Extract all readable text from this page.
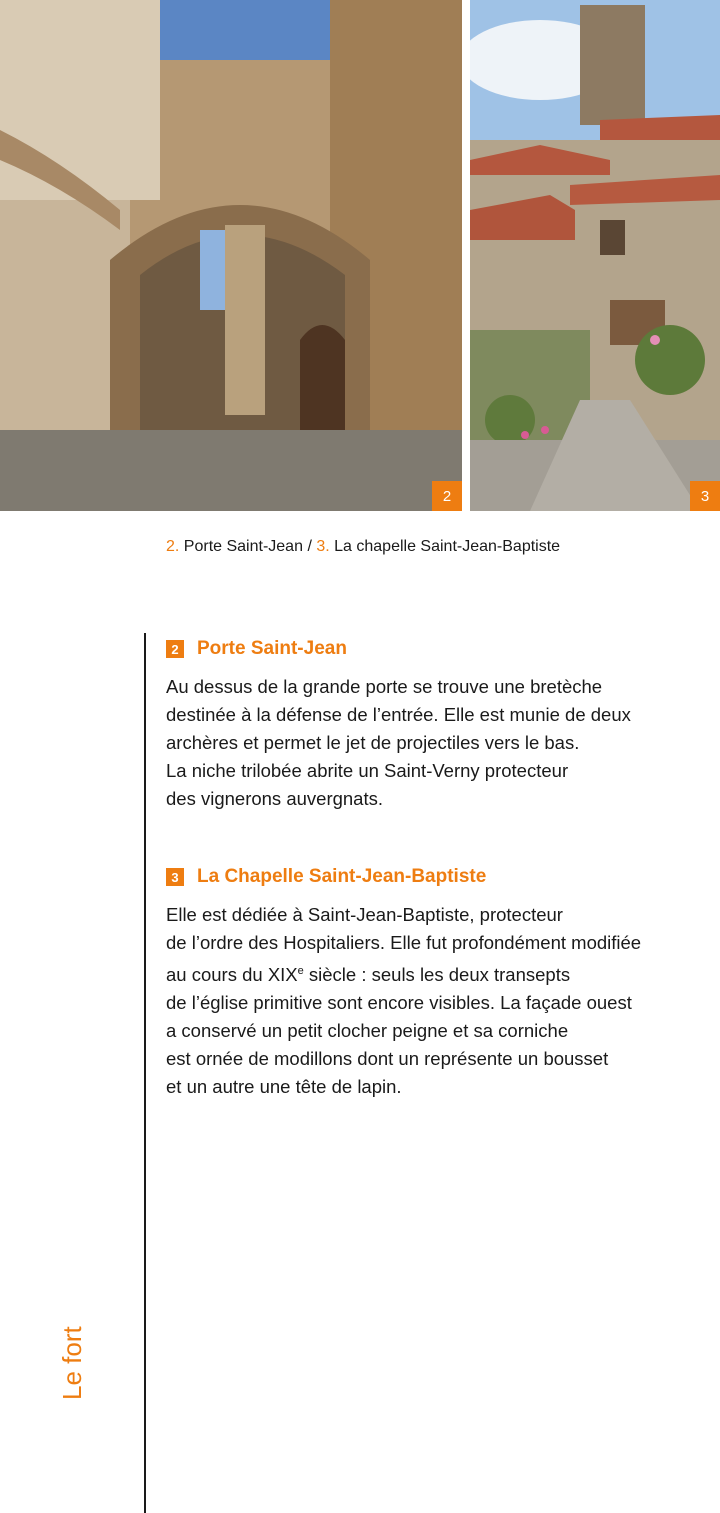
2	3
2. Porte Saint-Jean / 3. La chapelle Saint-Jean-Baptiste
2 Porte Saint-Jean
Au dessus de la grande porte se trouve une bretèche
destinée à la défense de l’entrée. Elle est munie de deux
archères et permet le jet de projectiles vers le bas.
La niche trilobée abrite un Saint-Verny protecteur
des vignerons auvergnats.
3 La Chapelle Saint-Jean-Baptiste
Elle est dédiée à Saint-Jean-Baptiste, protecteur
de l’ordre des Hospitaliers. Elle fut profondément modifiée
au cours du XIXe siècle : seuls les deux transepts
de l’église primitive sont encore visibles. La façade ouest
a conservé un petit clocher peigne et sa corniche
est ornée de modillons dont un représente un bousset
et un autre une tête de lapin.
Le fort
